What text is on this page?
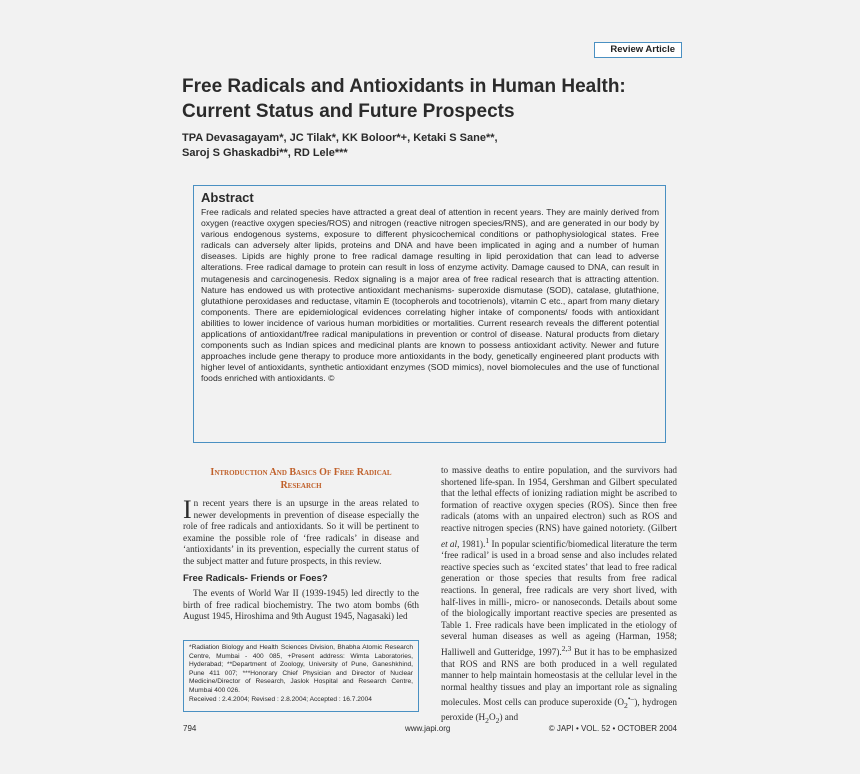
Review Article
Free Radicals and Antioxidants in Human Health:
Current Status and Future Prospects
TPA Devasagayam*, JC Tilak*, KK Boloor*+, Ketaki S Sane**,
Saroj S Ghaskadbi**, RD Lele***
Abstract
Free radicals and related species have attracted a great deal of attention in recent years. They are mainly derived from oxygen (reactive oxygen species/ROS) and nitrogen (reactive nitrogen species/RNS), and are generated in our body by various endogenous systems, exposure to different physicochemical conditions or pathophysiological states. Free radicals can adversely alter lipids, proteins and DNA and have been implicated in aging and a number of human diseases. Lipids are highly prone to free radical damage resulting in lipid peroxidation that can lead to adverse alterations. Free radical damage to protein can result in loss of enzyme activity. Damage caused to DNA, can result in mutagenesis and carcinogenesis. Redox signaling is a major area of free radical research that is attracting attention. Nature has endowed us with protective antioxidant mechanisms- superoxide dismutase (SOD), catalase, glutathione, glutathione peroxidases and reductase, vitamin E (tocopherols and tocotrienols), vitamin C etc., apart from many dietary components. There are epidemiological evidences correlating higher intake of components/ foods with antioxidant abilities to lower incidence of various human morbidities or mortalities. Current research reveals the different potential applications of antioxidant/free radical manipulations in prevention or control of disease. Natural products from dietary components such as Indian spices and medicinal plants are known to possess antioxidant activity. Newer and future approaches include gene therapy to produce more antioxidants in the body, genetically engineered plant products with higher level of antioxidants, synthetic antioxidant enzymes (SOD mimics), novel biomolecules and the use of functional foods enriched with antioxidants. ©
Introduction And Basics Of Free Radical
Research

In recent years there is an upsurge in the areas related to newer developments in prevention of disease especially the role of free radicals and antioxidants. So it will be pertinent to examine the possible role of ‘free radicals’ in disease and ‘antioxidants’ in its prevention, especially the current status of the subject matter and future prospects, in this review.

Free Radicals- Friends or Foes?

The events of World War II (1939-1945) led directly to the birth of free radical biochemistry. The two atom bombs (6th August 1945, Hiroshima and 9th August 1945, Nagasaki) led

*Radiation Biology and Health Sciences Division, Bhabha Atomic Research Centre, Mumbai - 400 085, +Present address: Wimta Laboratories, Hyderabad; **Department of Zoology, University of Pune, Ganeshkhind, Pune 411 007; ***Honorary Chief Physician and Director of Nuclear Medicine/Director of Research, Jaslok Hospital and Research Centre, Mumbai 400 026.
Received : 2.4.2004; Revised : 2.8.2004; Accepted : 16.7.2004
to massive deaths to entire population, and the survivors had shortened life-span. In 1954, Gershman and Gilbert speculated that the lethal effects of ionizing radiation might be ascribed to formation of reactive oxygen species (ROS). Since then free radicals (atoms with an unpaired electron) such as ROS and reactive nitrogen species (RNS) have gained notoriety. (Gilbert et al, 1981).$^1$ In popular scientific/biomedical literature the term ‘free radical’ is used in a broad sense and also includes related reactive species such as ‘excited states’ that lead to free radical generation or those species that results from free radical reactions. In general, free radicals are very short lived, with half-lives in milli-, micro- or nanoseconds. Details about some of the biologically important reactive species are presented as Table 1. Free radicals have been implicated in the etiology of several human diseases as well as ageing (Harman, 1958; Halliwell and Gutteridge, 1997).$^{2,3}$ But it has to be emphasized that ROS and RNS are both produced in a well regulated manner to help maintain homeostasis at the cellular level in the normal healthy tissues and play an important role as signaling molecules. Most cells can produce superoxide $(O_2^{•-})$, hydrogen peroxide $(H_2O_2)$ and
794	www.japi.org	© JAPI • VOL. 52 • OCTOBER 2004
